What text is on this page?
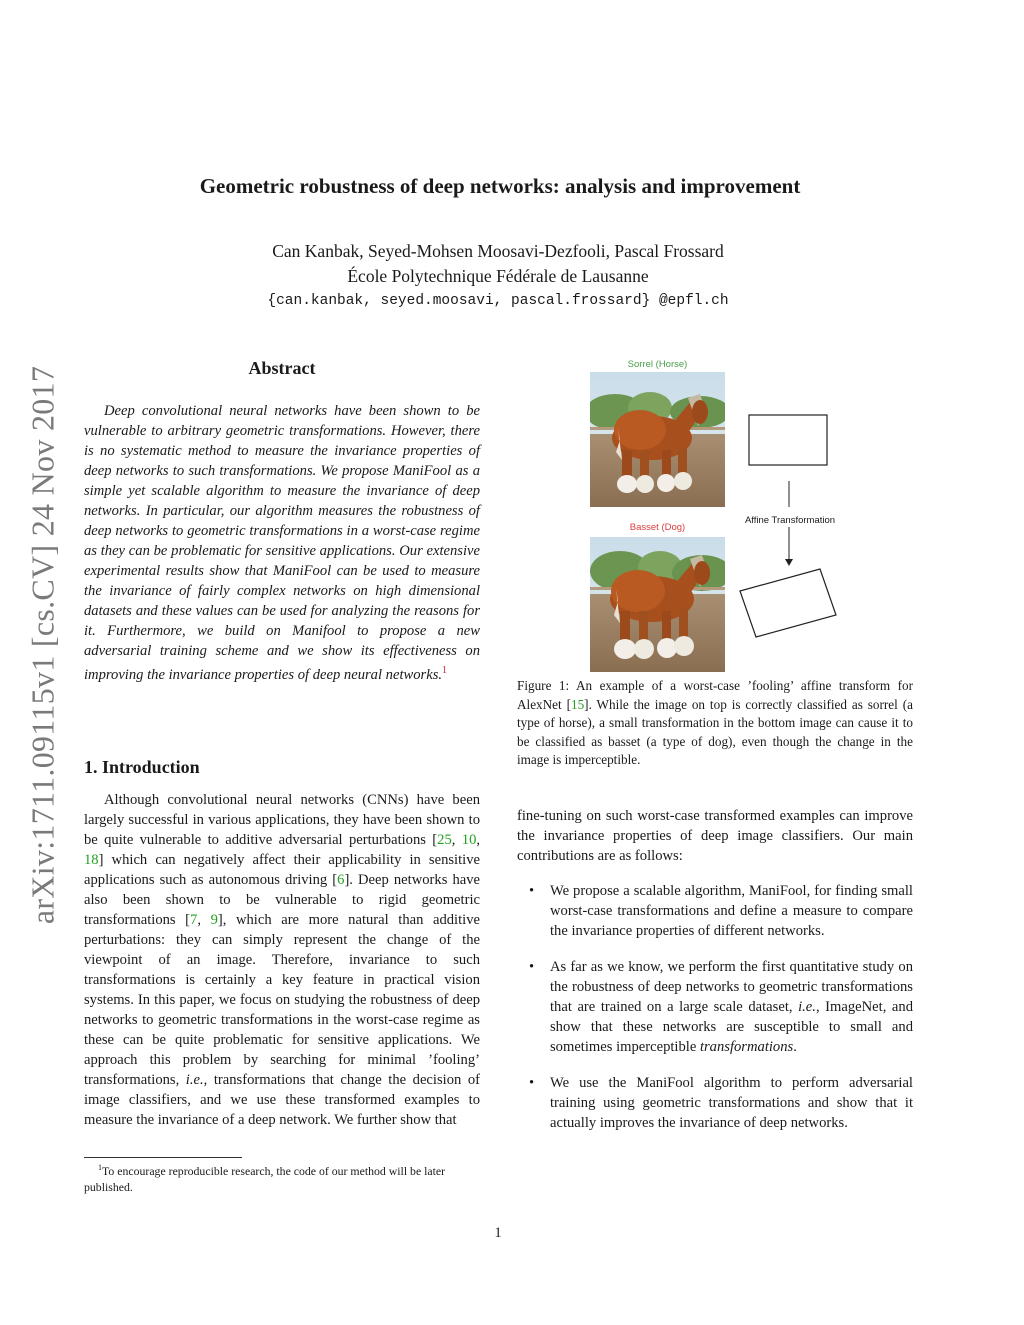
arXiv:1711.09115v1 [cs.CV] 24 Nov 2017
Geometric robustness of deep networks: analysis and improvement
Can Kanbak, Seyed-Mohsen Moosavi-Dezfooli, Pascal Frossard
École Polytechnique Fédérale de Lausanne
{can.kanbak, seyed.moosavi, pascal.frossard} @epfl.ch
Abstract

Deep convolutional neural networks have been shown to be vulnerable to arbitrary geometric transformations. However, there is no systematic method to measure the invariance properties of deep networks to such transformations. We propose ManiFool as a simple yet scalable algorithm to measure the invariance of deep networks. In particular, our algorithm measures the robustness of deep networks to geometric transformations in a worst-case regime as they can be problematic for sensitive applications. Our extensive experimental results show that ManiFool can be used to measure the invariance of fairly complex networks on high dimensional datasets and these values can be used for analyzing the reasons for it. Furthermore, we build on Manifool to propose a new adversarial training scheme and we show its effectiveness on improving the invariance properties of deep neural networks.$^1$

1. Introduction

Although convolutional neural networks (CNNs) have been largely successful in various applications, they have been shown to be quite vulnerable to additive adversarial perturbations [25, 10, 18] which can negatively affect their applicability in sensitive applications such as autonomous driving [6]. Deep networks have also been shown to be vulnerable to rigid geometric transformations [7, 9], which are more natural than additive perturbations: they can simply represent the change of the viewpoint of an image. Therefore, invariance to such transformations is certainly a key feature in practical vision systems. In this paper, we focus on studying the robustness of deep networks to geometric transformations in the worst-case regime as these can be quite problematic for sensitive applications. We approach this problem by searching for minimal ’fooling’ transformations, i.e., transformations that change the decision of image classifiers, and we use these transformed examples to measure the invariance of a deep network. We further show that

$^1$To encourage reproducible research, the code of our method will be later published.
Sorrel (Horse)
Basset (Dog)
Affine Transformation

Figure 1: An example of a worst-case ’fooling’ affine transform for AlexNet [15]. While the image on top is correctly classified as sorrel (a type of horse), a small transformation in the bottom image can cause it to be classified as basset (a type of dog), even though the change in the image is imperceptible.

fine-tuning on such worst-case transformed examples can improve the invariance properties of deep image classifiers. Our main contributions are as follows:

• We propose a scalable algorithm, ManiFool, for finding small worst-case transformations and define a measure to compare the invariance properties of different networks.
• As far as we know, we perform the first quantitative study on the robustness of deep networks to geometric transformations that are trained on a large scale dataset, i.e., ImageNet, and show that these networks are susceptible to small and sometimes imperceptible transformations.
• We use the ManiFool algorithm to perform adversarial training using geometric transformations and show that it actually improves the invariance of deep networks.
1
